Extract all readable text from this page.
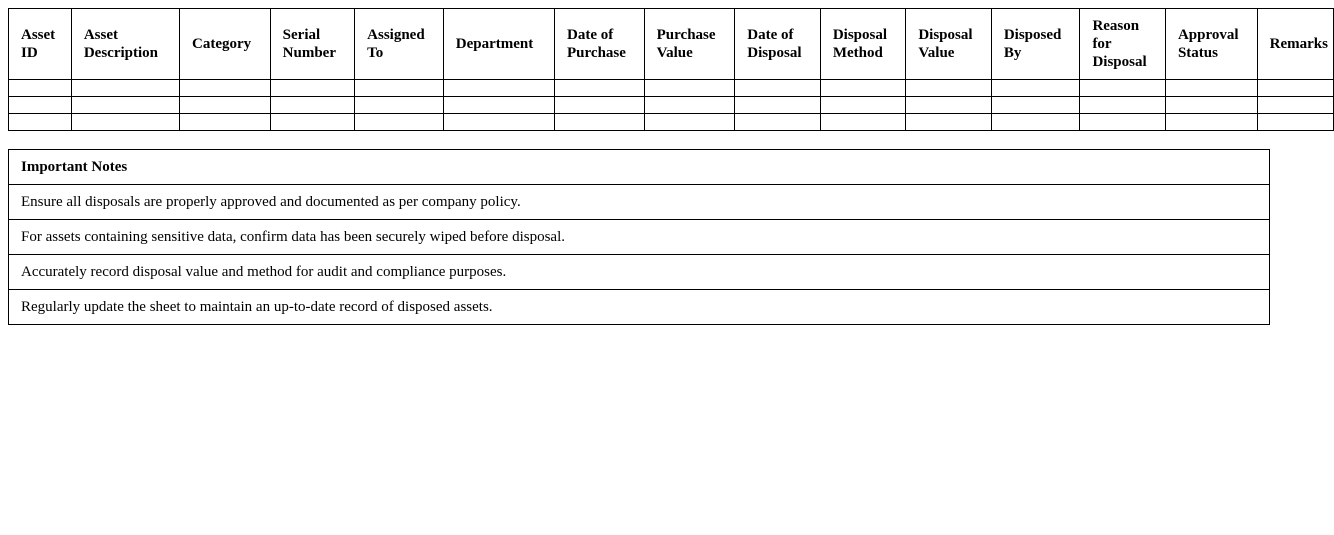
Asset ID	Asset Description	Category	Serial Number	Assigned To	Department	Date of Purchase	Purchase Value	Date of Disposal	Disposal Method	Disposal Value	Disposed By	Reason for Disposal	Approval Status	Remarks

Important Notes
Ensure all disposals are properly approved and documented as per company policy.
For assets containing sensitive data, confirm data has been securely wiped before disposal.
Accurately record disposal value and method for audit and compliance purposes.
Regularly update the sheet to maintain an up-to-date record of disposed assets.
